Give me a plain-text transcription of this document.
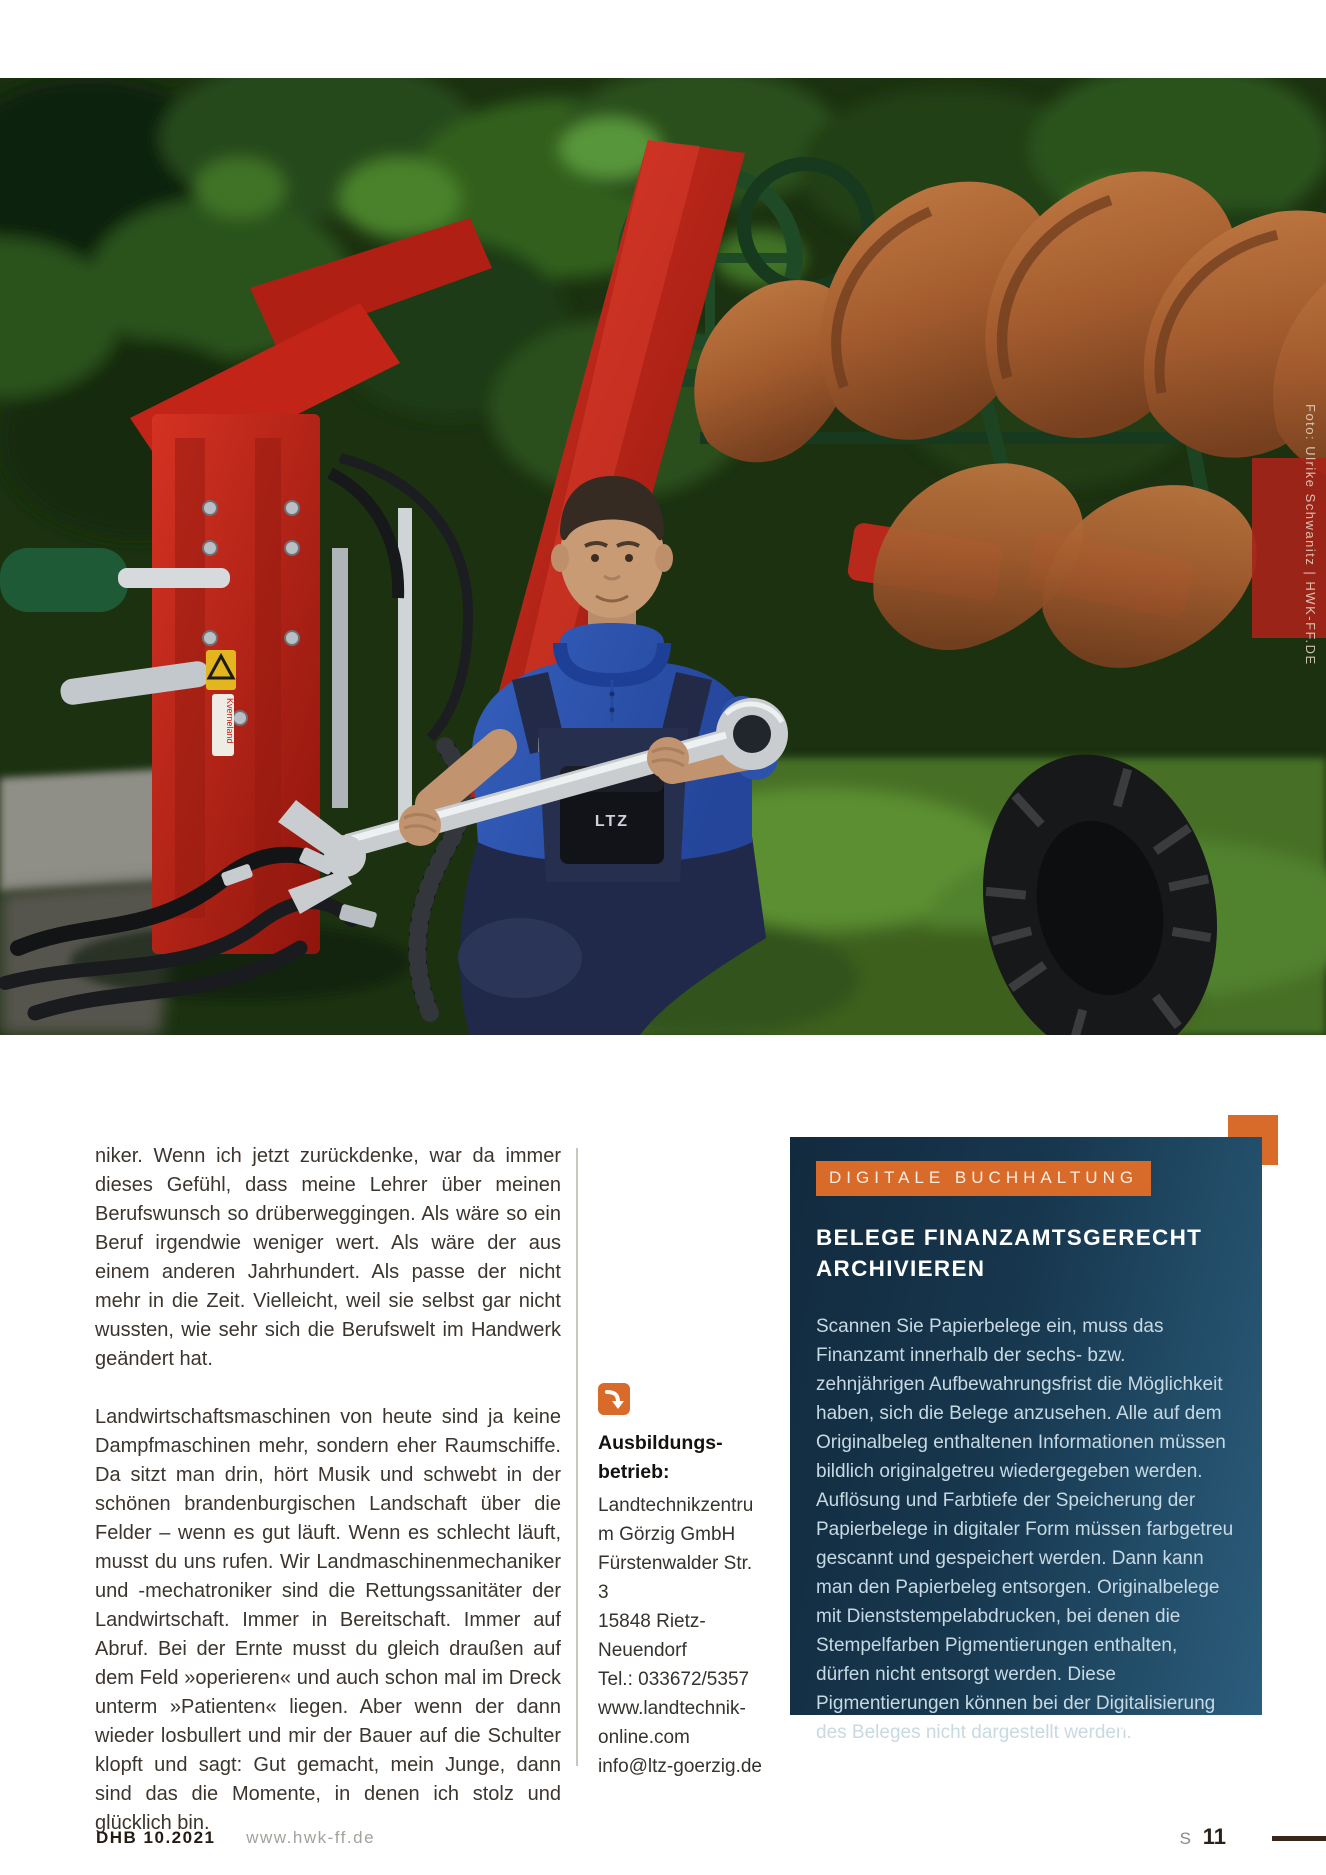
Kverneland
LTZ
Foto: Ulrike Schwanitz | HWK-FF.DE

niker. Wenn ich jetzt zurückdenke, war da immer dieses Gefühl, dass meine Lehrer über meinen Berufswunsch so drüberweggingen. Als wäre so ein Beruf irgendwie weniger wert. Als wäre der aus einem anderen Jahrhundert. Als passe der nicht mehr in die Zeit. Vielleicht, weil sie selbst gar nicht wussten, wie sehr sich die Berufswelt im Handwerk geändert hat.

Landwirtschaftsmaschinen von heute sind ja keine Dampfmaschinen mehr, sondern eher Raumschiffe. Da sitzt man drin, hört Musik und schwebt in der schönen brandenburgischen Landschaft über die Felder – wenn es gut läuft. Wenn es schlecht läuft, musst du uns rufen. Wir Landmaschinenmechaniker und -mechatroniker sind die Rettungssanitäter der Landwirtschaft. Immer in Bereitschaft. Immer auf Abruf. Bei der Ernte musst du gleich draußen auf dem Feld »operieren« und auch schon mal im Dreck unterm »Patienten« liegen. Aber wenn der dann wieder losbullert und mir der Bauer auf die Schulter klopft und sagt: Gut gemacht, mein Junge, dann sind das die Momente, in denen ich stolz und glücklich bin.

Ausbildungs-
betrieb:
Landtechnikzentrum Görzig GmbH
Fürstenwalder Str. 3
15848 Rietz-Neuendorf
Tel.: 033672/5357
www.landtechnik-online.com
info@ltz-goerzig.de
DIGITALE BUCHHALTUNG
BELEGE FINANZAMTSGERECHT ARCHIVIEREN
Scannen Sie Papierbelege ein, muss das Finanzamt innerhalb der sechs- bzw. zehnjährigen Aufbewahrungsfrist die Möglichkeit haben, sich die Belege anzusehen. Alle auf dem Originalbeleg enthaltenen Informationen müssen bildlich originalgetreu wiedergegeben werden. Auflösung und Farbtiefe der Speicherung der Papierbelege in digitaler Form müssen farbgetreu gescannt und gespeichert werden. Dann kann man den Papierbeleg entsorgen. Originalbelege mit Dienststempelabdrucken, bei denen die Stempelfarben Pigmentierungen enthalten, dürfen nicht entsorgt werden. Diese Pigmentierungen können bei der Digitalisierung des Beleges nicht dargestellt werden.
www.datev.de
DHB 10.2021 www.hwk-ff.de	S 11
